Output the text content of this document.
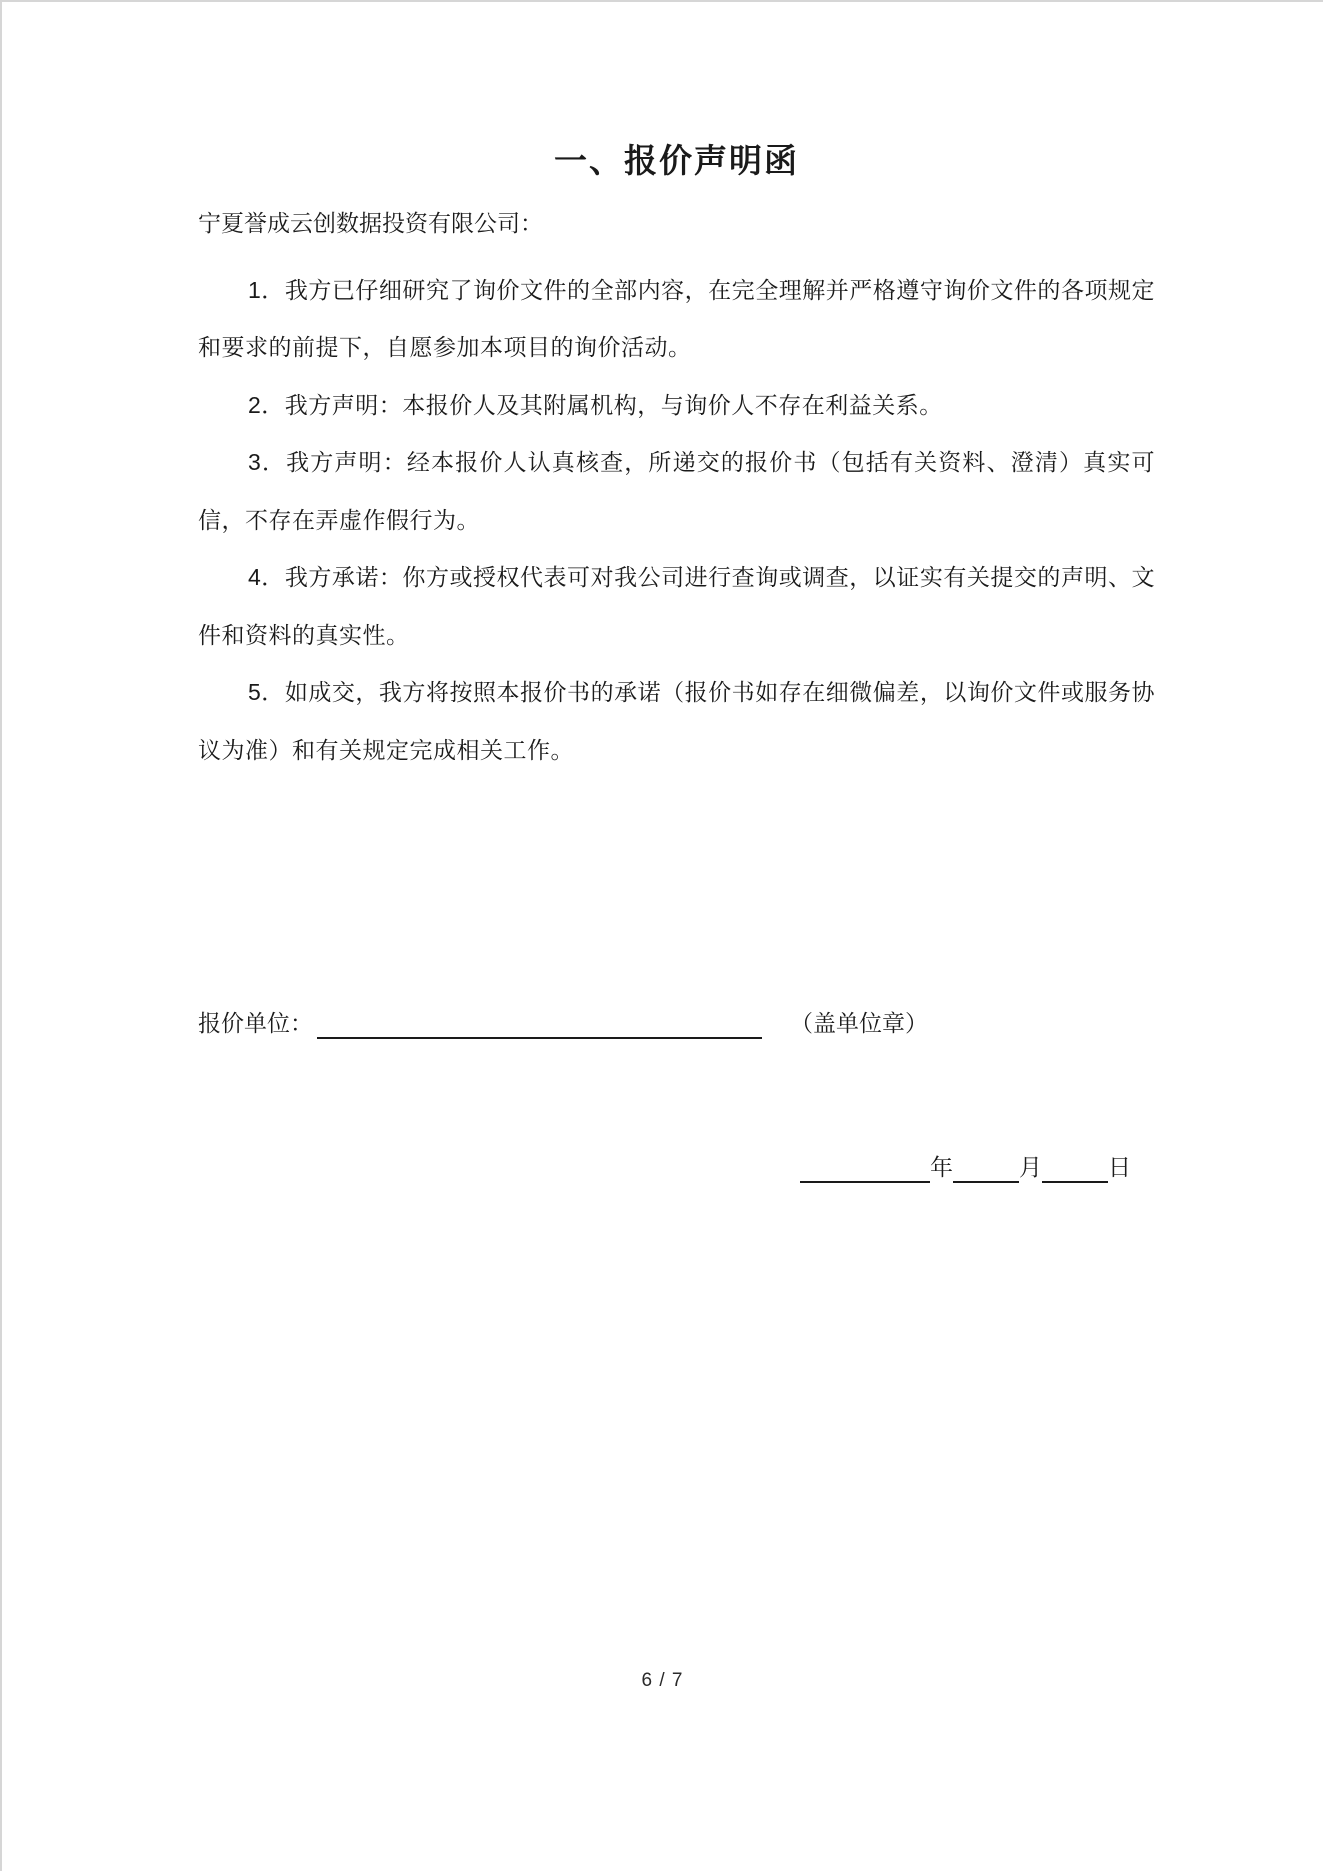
一、报价声明函

宁夏誉成云创数据投资有限公司：

1．我方已仔细研究了询价文件的全部内容，在完全理解并严格遵守询价文件的各项规定和要求的前提下，自愿参加本项目的询价活动。

2．我方声明：本报价人及其附属机构，与询价人不存在利益关系。

3．我方声明：经本报价人认真核查，所递交的报价书（包括有关资料、澄清）真实可信，不存在弄虚作假行为。

4．我方承诺：你方或授权代表可对我公司进行查询或调查，以证实有关提交的声明、文件和资料的真实性。

5．如成交，我方将按照本报价书的承诺（报价书如存在细微偏差，以询价文件或服务协议为准）和有关规定完成相关工作。

报价单位：	（盖单位章）
年	月	日
6 / 7
